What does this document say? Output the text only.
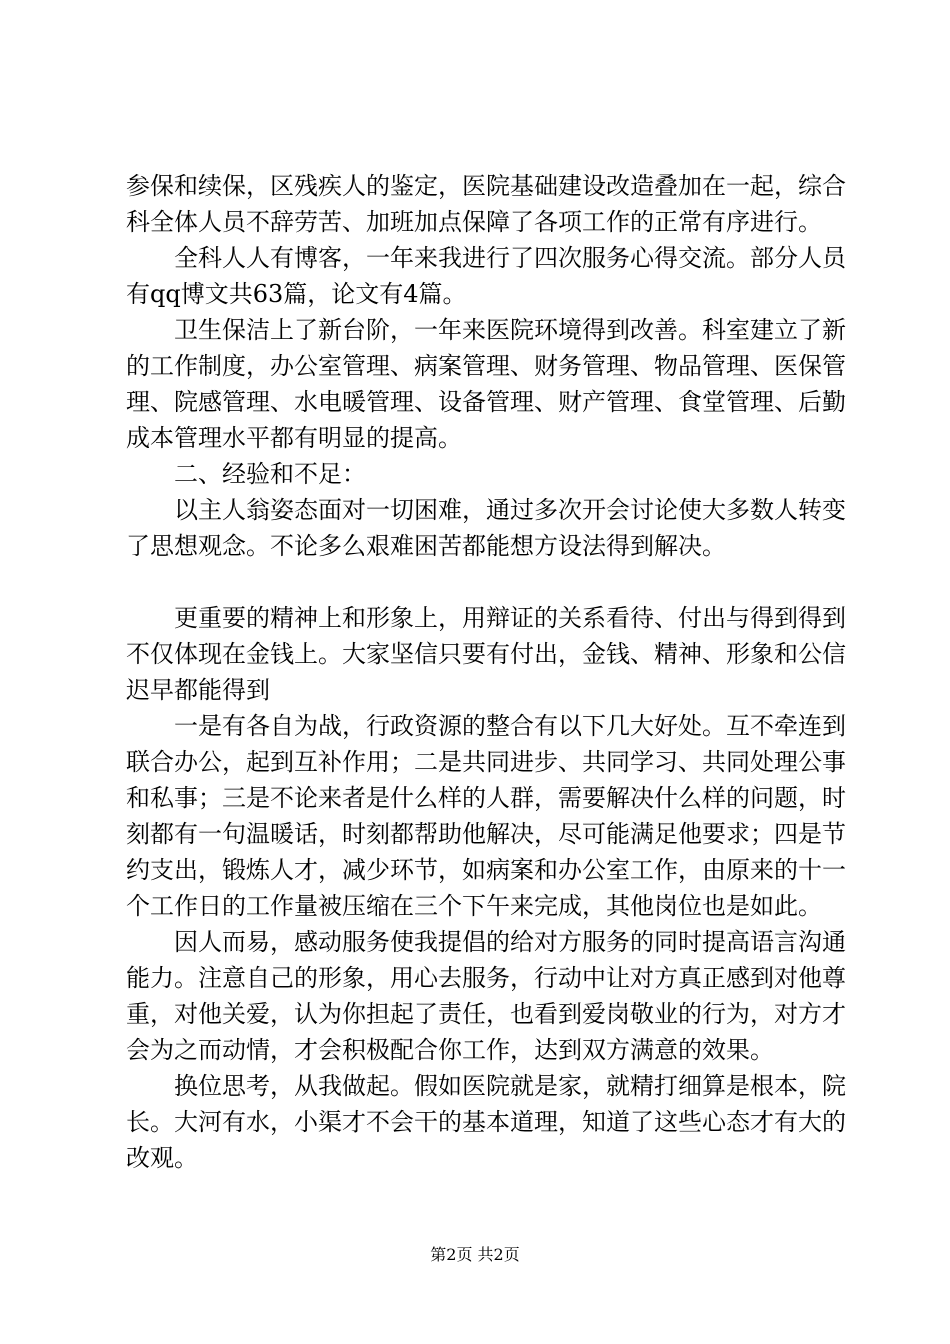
参保和续保，区残疾人的鉴定，医院基础建设改造叠加在一起，综合科全体人员不辞劳苦、加班加点保障了各项工作的正常有序进行。

全科人人有博客，一年来我进行了四次服务心得交流。部分人员有qq博文共63篇，论文有4篇。

卫生保洁上了新台阶，一年来医院环境得到改善。科室建立了新的工作制度，办公室管理、病案管理、财务管理、物品管理、医保管理、院感管理、水电暖管理、设备管理、财产管理、食堂管理、后勤成本管理水平都有明显的提高。

二、经验和不足：

以主人翁姿态面对一切困难，通过多次开会讨论使大多数人转变了思想观念。不论多么艰难困苦都能想方设法得到解决。

更重要的精神上和形象上，用辩证的关系看待、付出与得到得到不仅体现在金钱上。大家坚信只要有付出，金钱、精神、形象和公信迟早都能得到

一是有各自为战，行政资源的整合有以下几大好处。互不牵连到联合办公，起到互补作用；二是共同进步、共同学习、共同处理公事和私事；三是不论来者是什么样的人群，需要解决什么样的问题，时刻都有一句温暖话，时刻都帮助他解决，尽可能满足他要求；四是节约支出，锻炼人才，减少环节，如病案和办公室工作，由原来的十一个工作日的工作量被压缩在三个下午来完成，其他岗位也是如此。

因人而易，感动服务使我提倡的给对方服务的同时提高语言沟通能力。注意自己的形象，用心去服务，行动中让对方真正感到对他尊重，对他关爱，认为你担起了责任，也看到爱岗敬业的行为，对方才会为之而动情，才会积极配合你工作，达到双方满意的效果。

换位思考，从我做起。假如医院就是家，就精打细算是根本，院长。大河有水，小渠才不会干的基本道理，知道了这些心态才有大的改观。

第2页 共2页
